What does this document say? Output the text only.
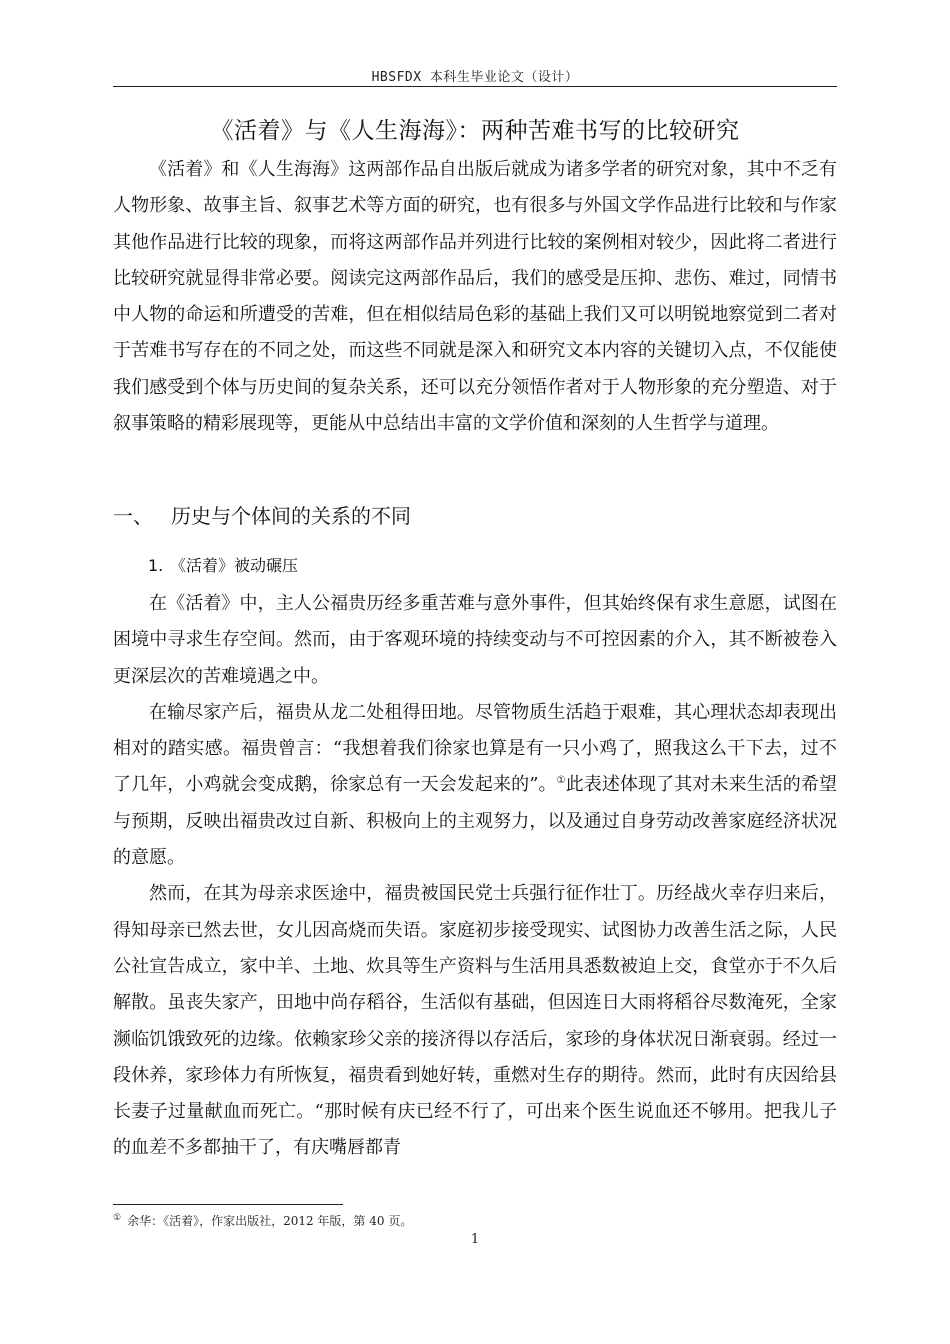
HBSFDX 本科生毕业论文（设计）
《活着》与《人生海海》：两种苦难书写的比较研究

《活着》和《人生海海》这两部作品自出版后就成为诸多学者的研究对象，其中不乏有人物形象、故事主旨、叙事艺术等方面的研究，也有很多与外国文学作品进行比较和与作家其他作品进行比较的现象，而将这两部作品并列进行比较的案例相对较少，因此将二者进行比较研究就显得非常必要。阅读完这两部作品后，我们的感受是压抑、悲伤、难过，同情书中人物的命运和所遭受的苦难，但在相似结局色彩的基础上我们又可以明锐地察觉到二者对于苦难书写存在的不同之处，而这些不同就是深入和研究文本内容的关键切入点，不仅能使我们感受到个体与历史间的复杂关系，还可以充分领悟作者对于人物形象的充分塑造、对于叙事策略的精彩展现等，更能从中总结出丰富的文学价值和深刻的人生哲学与道理。

一、 历史与个体间的关系的不同
1. 《活着》被动碾压

在《活着》中，主人公福贵历经多重苦难与意外事件，但其始终保有求生意愿，试图在困境中寻求生存空间。然而，由于客观环境的持续变动与不可控因素的介入，其不断被卷入更深层次的苦难境遇之中。

在输尽家产后，福贵从龙二处租得田地。尽管物质生活趋于艰难，其心理状态却表现出相对的踏实感。福贵曾言：“我想着我们徐家也算是有一只小鸡了，照我这么干下去，过不了几年，小鸡就会变成鹅，徐家总有一天会发起来的”。①此表述体现了其对未来生活的希望与预期，反映出福贵改过自新、积极向上的主观努力，以及通过自身劳动改善家庭经济状况的意愿。

然而，在其为母亲求医途中，福贵被国民党士兵强行征作壮丁。历经战火幸存归来后，得知母亲已然去世，女儿因高烧而失语。家庭初步接受现实、试图协力改善生活之际，人民公社宣告成立，家中羊、土地、炊具等生产资料与生活用具悉数被迫上交，食堂亦于不久后解散。虽丧失家产，田地中尚存稻谷，生活似有基础，但因连日大雨将稻谷尽数淹死，全家濒临饥饿致死的边缘。依赖家珍父亲的接济得以存活后，家珍的身体状况日渐衰弱。经过一段休养，家珍体力有所恢复，福贵看到她好转，重燃对生存的期待。然而，此时有庆因给县长妻子过量献血而死亡。“那时候有庆已经不行了，可出来个医生说血还不够用。把我儿子的血差不多都抽干了，有庆嘴唇都青

① 余华：《活着》，作家出版社，2012 年版，第 40 页。
1
